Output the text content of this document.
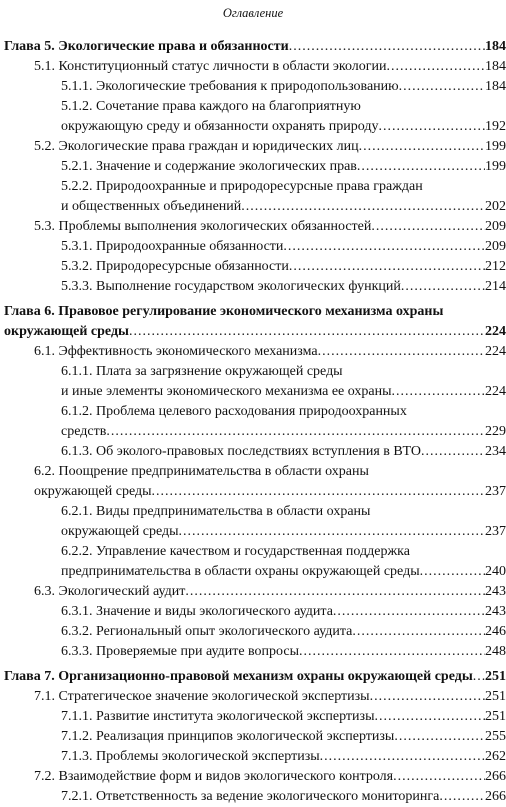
Оглавление
Глава 5. Экологические права и обязанности .....	184
5.1. Конституционный статус личности в области экологии .....	184
5.1.1. Экологические требования к природопользованию .....	184
5.1.2. Сочетание права каждого на благоприятную
окружающую среду и обязанности охранять природу .....	192
5.2. Экологические права граждан и юридических лиц .....	199
5.2.1. Значение и содержание экологических прав .....	199
5.2.2. Природоохранные и природоресурсные права граждан
и общественных объединений .....	202
5.3. Проблемы выполнения экологических обязанностей .....	209
5.3.1. Природоохранные обязанности .....	209
5.3.2. Природоресурсные обязанности .....	212
5.3.3. Выполнение государством экологических функций .....	214
Глава 6. Правовое регулирование экономического механизма охраны
окружающей среды .....	224
6.1. Эффективность экономического механизма .....	224
6.1.1. Плата за загрязнение окружающей среды
и иные элементы экономического механизма ее охраны .....	224
6.1.2. Проблема целевого расходования природоохранных
средств .....	229
6.1.3. Об эколого-правовых последствиях вступления в ВТО .....	234
6.2. Поощрение предпринимательства в области охраны
окружающей среды .....	237
6.2.1. Виды предпринимательства в области охраны
окружающей среды .....	237
6.2.2. Управление качеством и государственная поддержка
предпринимательства в области охраны окружающей среды .....	240
6.3. Экологический аудит .....	243
6.3.1. Значение и виды экологического аудита .....	243
6.3.2. Региональный опыт экологического аудита .....	246
6.3.3. Проверяемые при аудите вопросы .....	248
Глава 7. Организационно-правовой механизм охраны окружающей среды ..... 251
7.1. Стратегическое значение экологической экспертизы .....	251
7.1.1. Развитие института экологической экспертизы .....	251
7.1.2. Реализация принципов экологической экспертизы .....	255
7.1.3. Проблемы экологической экспертизы .....	262
7.2. Взаимодействие форм и видов экологического контроля .....	266
7.2.1. Ответственность за ведение экологического мониторинга .....	266
